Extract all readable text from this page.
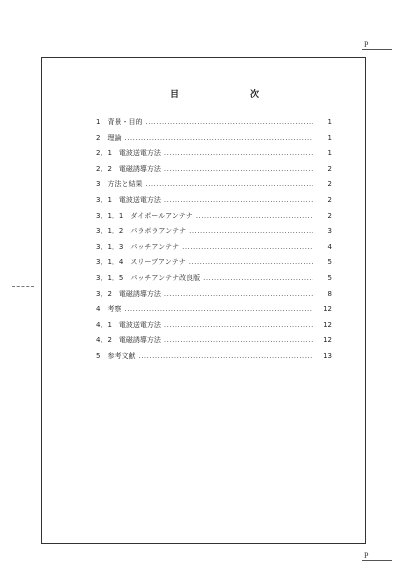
P
目	次
1　背景・目的 .....	1
2　理論 .....	1
2．1　電波送電方法 .....	1
2．2　電磁誘導方法 .....	2
3　方法と結果 .....	2
3．1　電波送電方法 .....	2
3．1．1　ダイポールアンテナ .....	2
3．1．2　パラボラアンテナ .....	3
3．1．3　パッチアンテナ .....	4
3．1．4　スリーブアンテナ .....	5
3．1．5　パッチアンテナ改良版 .....	5
3．2　電磁誘導方法 .....	8
4　考察 .....	12
4．1　電波送電方法 .....	12
4．2　電磁誘導方法 .....	12
5　参考文献 .....	13
P
